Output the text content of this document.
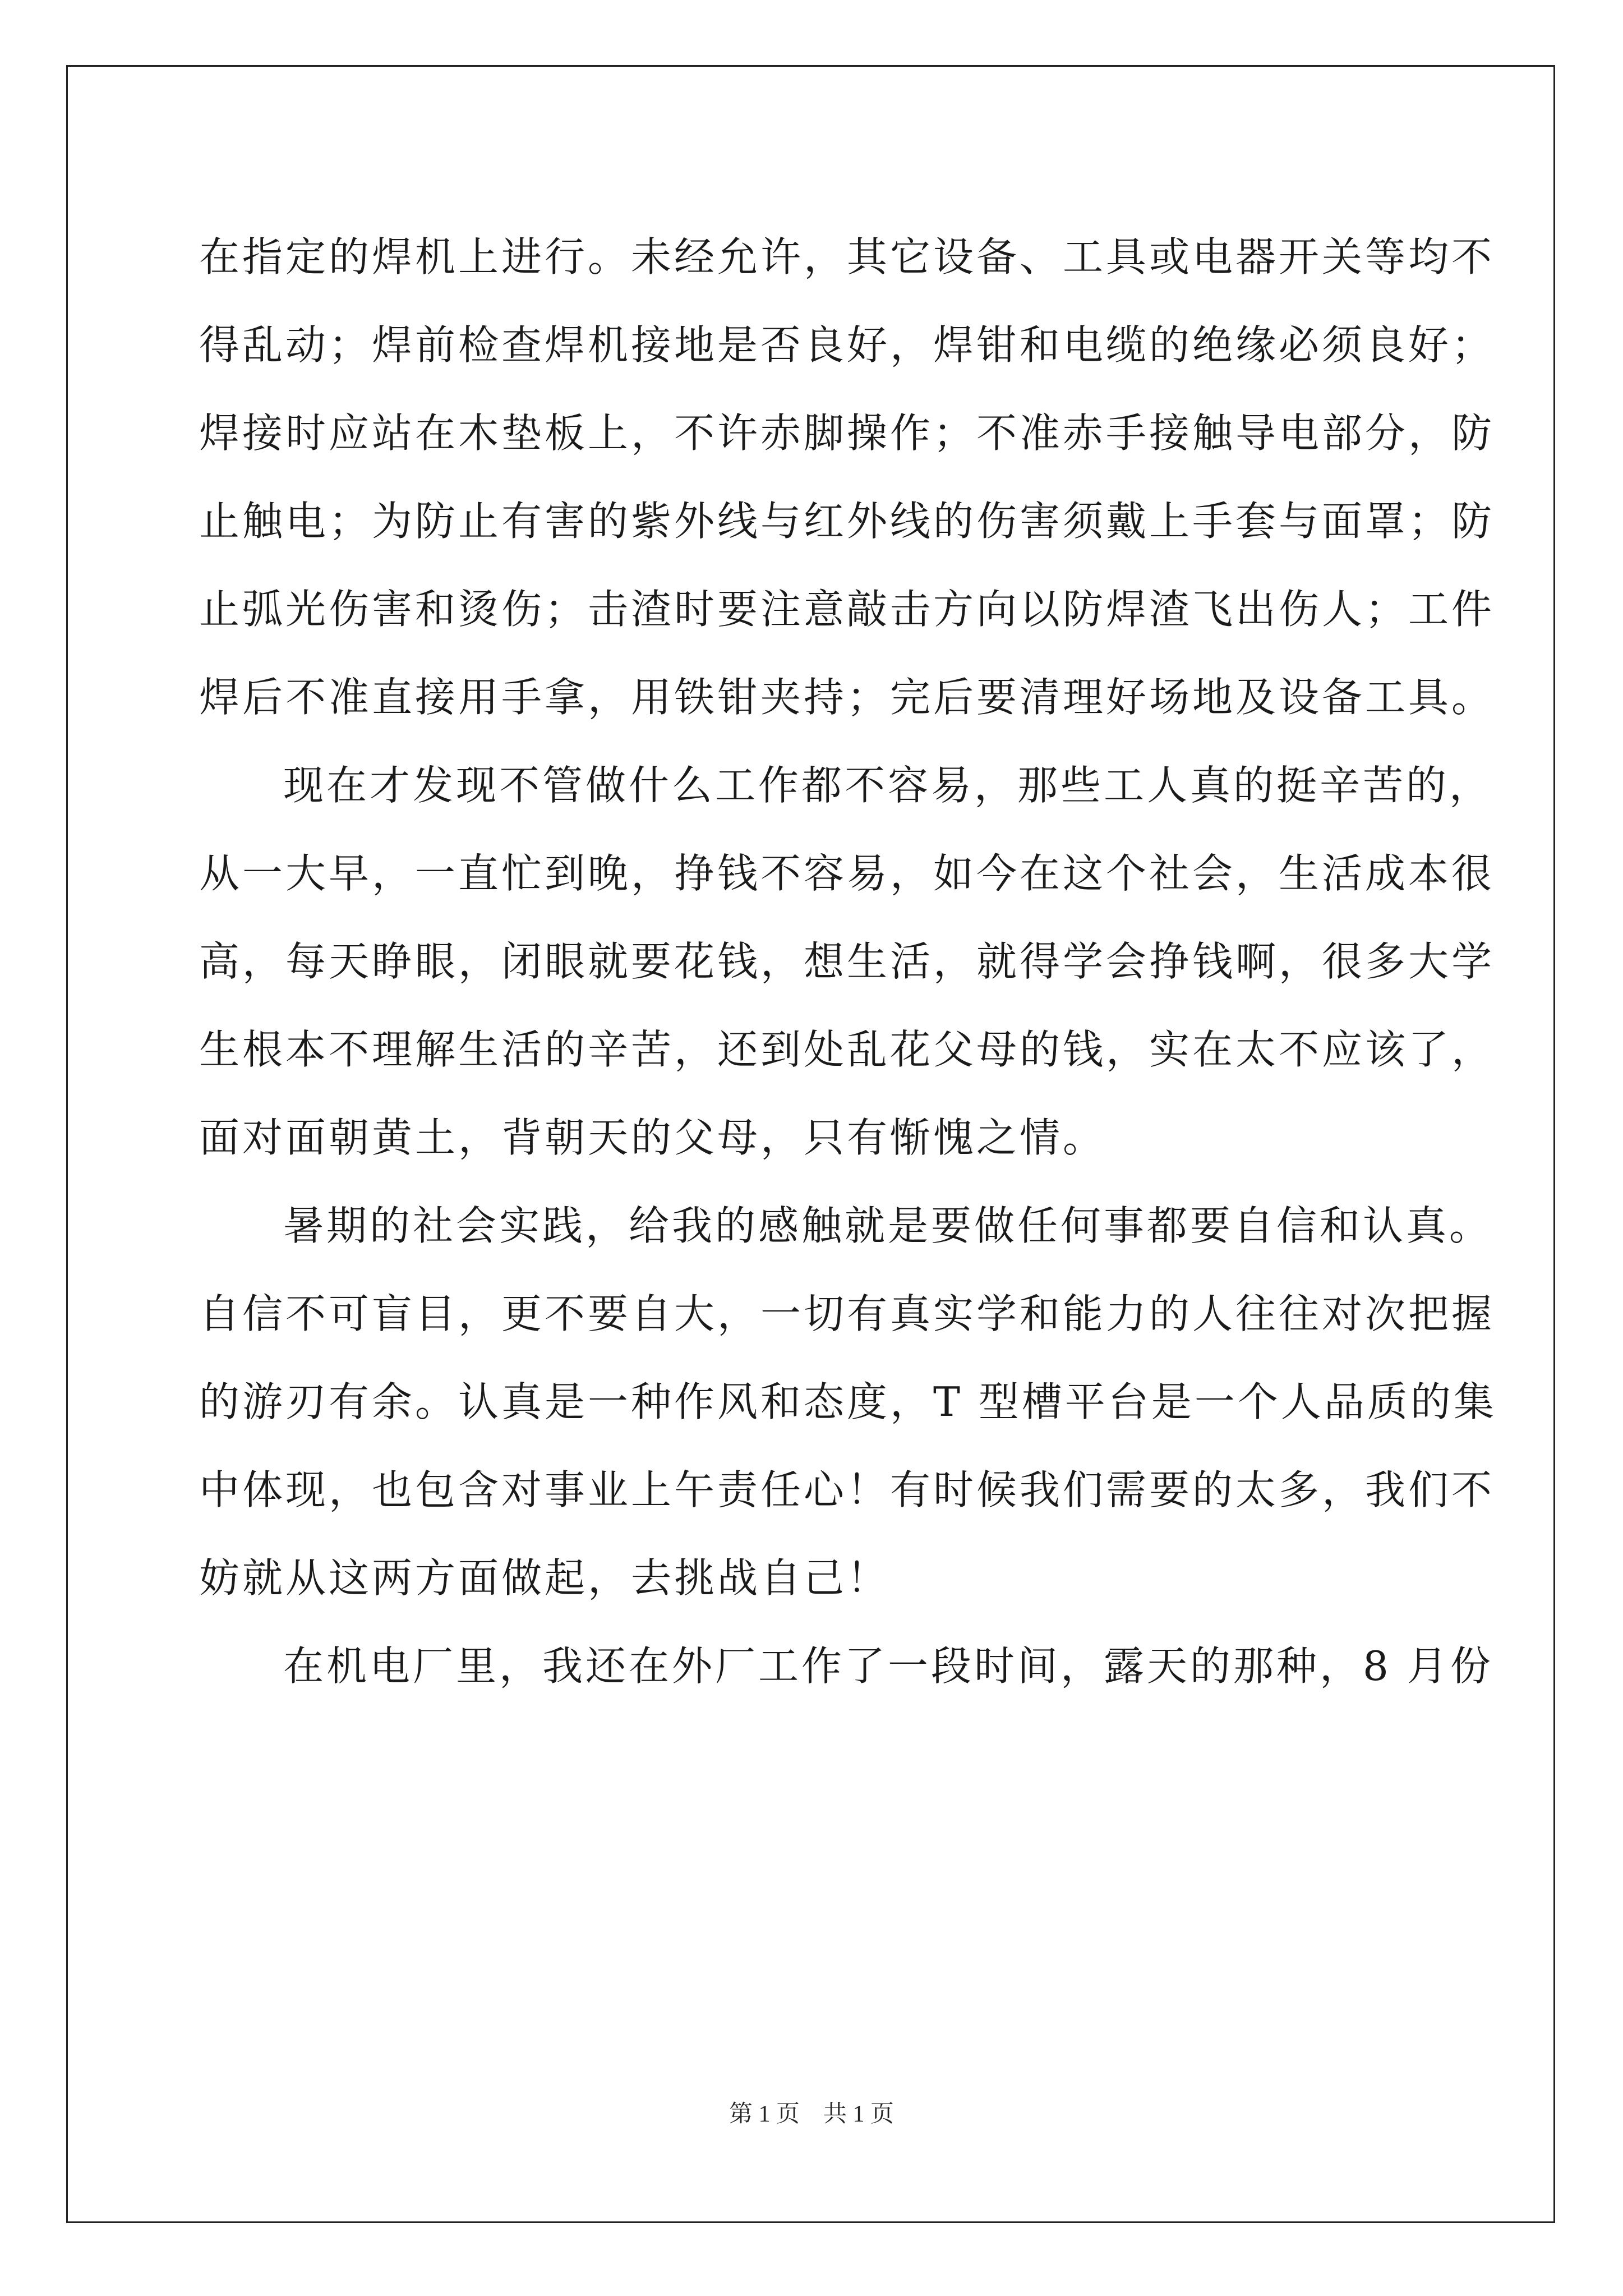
在指定的焊机上进行。未经允许，其它设备、工具或电器开关等均不
得乱动；焊前检查焊机接地是否良好，焊钳和电缆的绝缘必须良好；
焊接时应站在木垫板上，不许赤脚操作；不准赤手接触导电部分，防
止触电；为防止有害的紫外线与红外线的伤害须戴上手套与面罩；防
止弧光伤害和烫伤；击渣时要注意敲击方向以防焊渣飞出伤人；工件
焊后不准直接用手拿，用铁钳夹持；完后要清理好场地及设备工具。
现在才发现不管做什么工作都不容易，那些工人真的挺辛苦的，
从一大早，一直忙到晚，挣钱不容易，如今在这个社会，生活成本很
高，每天睁眼，闭眼就要花钱，想生活，就得学会挣钱啊，很多大学
生根本不理解生活的辛苦，还到处乱花父母的钱，实在太不应该了，
面对面朝黄土，背朝天的父母，只有惭愧之情。
暑期的社会实践，给我的感触就是要做任何事都要自信和认真。
自信不可盲目，更不要自大，一切有真实学和能力的人往往对次把握
的游刃有余。认真是一种作风和态度，T 型槽平台是一个人品质的集
中体现，也包含对事业上午责任心！有时候我们需要的太多，我们不
妨就从这两方面做起，去挑战自己！
在机电厂里，我还在外厂工作了一段时间，露天的那种，8 月份
第 1 页 共 1 页
